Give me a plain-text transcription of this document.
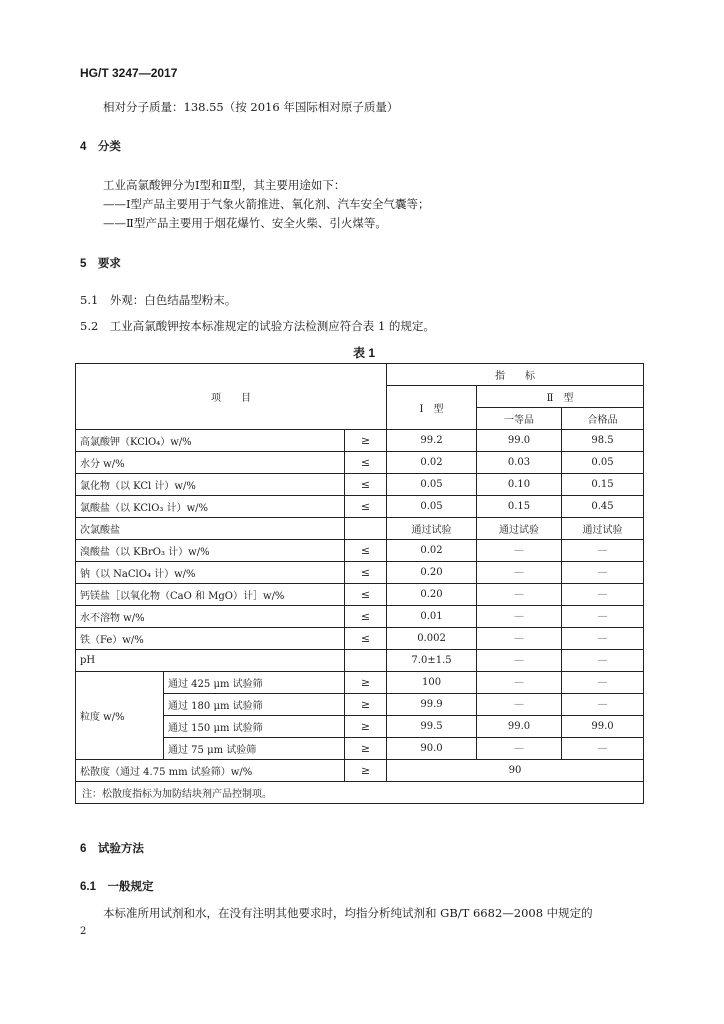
HG/T 3247—2017
相对分子质量：138.55（按 2016 年国际相对原子质量）
4　分类
工业高氯酸钾分为Ⅰ型和Ⅱ型，其主要用途如下：
——Ⅰ型产品主要用于气象火箭推进、氧化剂、汽车安全气囊等；
——Ⅱ型产品主要用于烟花爆竹、安全火柴、引火煤等。
5　要求
5.1　外观：白色结晶型粉末。
5.2　工业高氯酸钾按本标准规定的试验方法检测应符合表 1 的规定。
表 1
项　　目			指　　标		
			Ⅰ　型	Ⅱ　型	
				一等品	合格品
高氯酸钾（KClO₄）w/%		≥	99.2	99.0	98.5
水分 w/%		≤	0.02	0.03	0.05
氯化物（以 KCl 计）w/%		≤	0.05	0.10	0.15
氯酸盐（以 KClO₃ 计）w/%		≤	0.05	0.15	0.45
次氯酸盐			通过试验	通过试验	通过试验
溴酸盐（以 KBrO₃ 计）w/%		≤	0.02	—	—
钠（以 NaClO₄ 计）w/%		≤	0.20	—	—
钙镁盐［以氧化物（CaO 和 MgO）计］w/%		≤	0.20	—	—
水不溶物 w/%		≤	0.01	—	—
铁（Fe）w/%		≤	0.002	—	—
pH			7.0±1.5	—	—
粒度 w/%	通过 425 μm 试验筛	≥	100	—	—
	通过 180 μm 试验筛	≥	99.9	—	—
	通过 150 μm 试验筛	≥	99.5	99.0	99.0
	通过 75 μm 试验筛	≥	90.0	—	—
松散度（通过 4.75 mm 试验筛）w/%		≥	90		
注：松散度指标为加防结块剂产品控制项。					
6　试验方法
6.1　一般规定
本标准所用试剂和水，在没有注明其他要求时，均指分析纯试剂和 GB/T 6682—2008 中规定的
2
